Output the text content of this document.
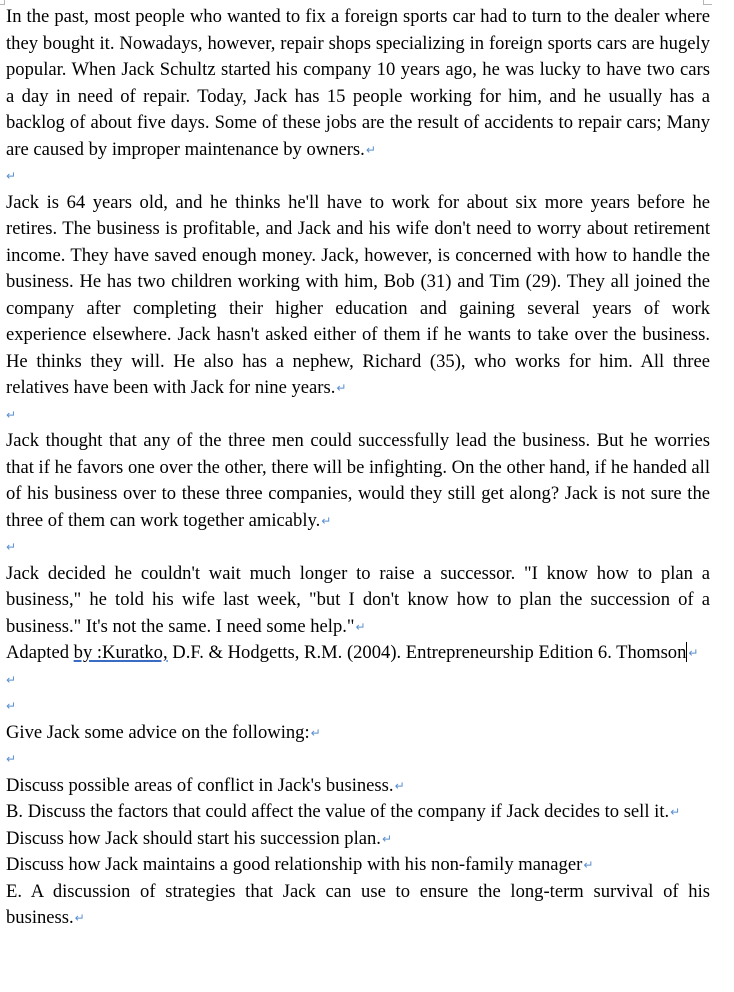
In the past, most people who wanted to fix a foreign sports car had to turn to the dealer where they bought it. Nowadays, however, repair shops specializing in foreign sports cars are hugely popular. When Jack Schultz started his company 10 years ago, he was lucky to have two cars a day in need of repair. Today, Jack has 15 people working for him, and he usually has a backlog of about five days. Some of these jobs are the result of accidents to repair cars; Many are caused by improper maintenance by owners.↵

↵

Jack is 64 years old, and he thinks he'll have to work for about six more years before he retires. The business is profitable, and Jack and his wife don't need to worry about retirement income. They have saved enough money. Jack, however, is concerned with how to handle the business. He has two children working with him, Bob (31) and Tim (29). They all joined the company after completing their higher education and gaining several years of work experience elsewhere. Jack hasn't asked either of them if he wants to take over the business. He thinks they will. He also has a nephew, Richard (35), who works for him. All three relatives have been with Jack for nine years.↵

↵

Jack thought that any of the three men could successfully lead the business. But he worries that if he favors one over the other, there will be infighting. On the other hand, if he handed all of his business over to these three companies, would they still get along? Jack is not sure the three of them can work together amicably.↵

↵

Jack decided he couldn't wait much longer to raise a successor. "I know how to plan a business," he told his wife last week, "but I don't know how to plan the succession of a business." It's not the same. I need some help."↵

Adapted by :Kuratko, D.F. & Hodgetts, R.M. (2004). Entrepreneurship Edition 6. Thomson ↵

↵
↵

Give Jack some advice on the following:↵

↵

Discuss possible areas of conflict in Jack's business.↵

B. Discuss the factors that could affect the value of the company if Jack decides to sell it.↵

Discuss how Jack should start his succession plan.↵

Discuss how Jack maintains a good relationship with his non-family manager↵

E. A discussion of strategies that Jack can use to ensure the long-term survival of his business.↵
